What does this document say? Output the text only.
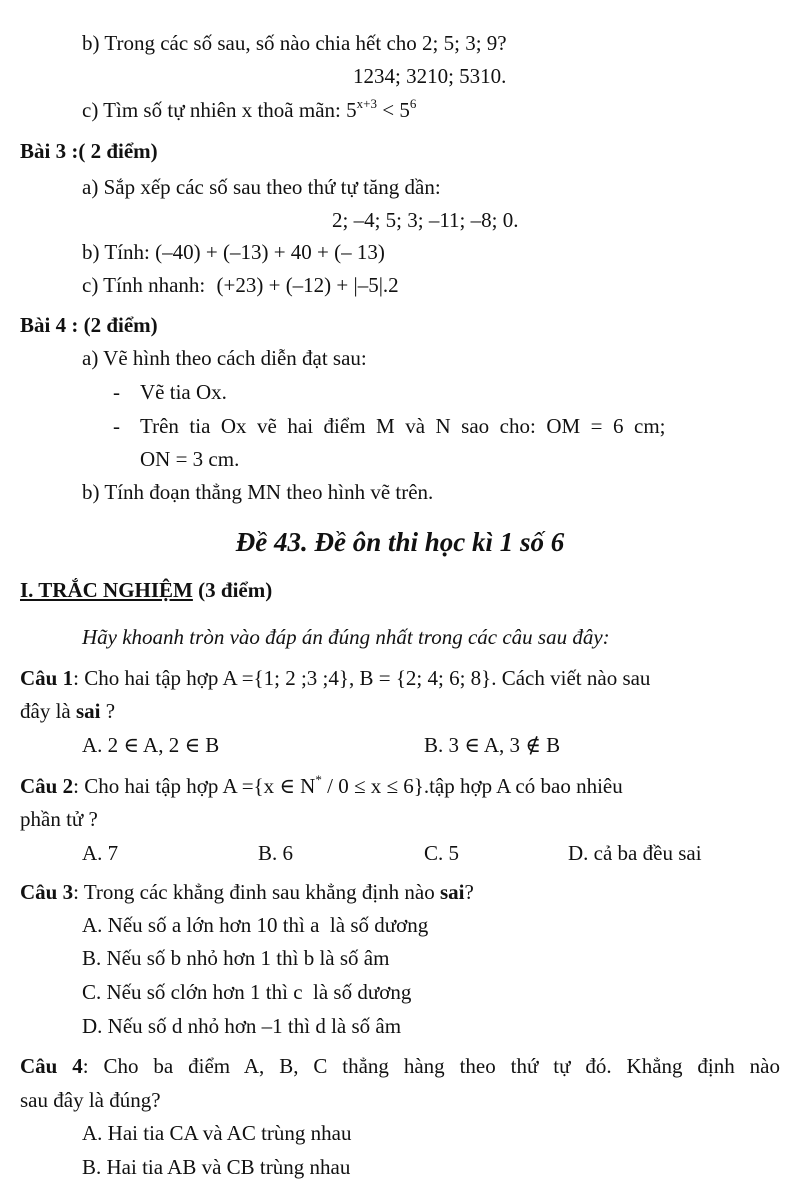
b) Trong các số sau, số nào chia hết cho 2; 5; 3; 9?
1234; 3210; 5310.
c) Tìm số tự nhiên x thoã mãn: $5^{x+3} < 5^6$
Bài 3 :( 2 điểm)
a) Sắp xếp các số sau theo thứ tự tăng dần:
2; –4; 5; 3; –11; –8; 0.
b) Tính: (–40) + (–13) + 40 + (– 13)
c) Tính nhanh: (+23) + (–12) + |–5|.2
Bài 4 : (2 điểm)
a) Vẽ hình theo cách diễn đạt sau:
- Vẽ tia Ox.
- Trên  tia  Ox  vẽ  hai  điểm  M  và  N  sao  cho:  OM  =  6  cm;
ON = 3 cm.
b) Tính đoạn thẳng MN theo hình vẽ trên.
Đề 43. Đề ôn thi học kì 1 số 6
I. TRẮC NGHIỆM (3 điểm)
Hãy khoanh tròn vào đáp án đúng nhất trong các câu sau đây:
Câu 1: Cho hai tập hợp A ={1; 2 ;3 ;4}, B = {2; 4; 6; 8}. Cách viết nào sau
đây là sai ?
A. 2 ∈ A, 2 ∈ B	B. 3 ∈ A, 3 ∉ B
Câu 2: Cho hai tập hợp A ={x ∈ N* / 0 ≤ x ≤ 6}.tập hợp A có bao nhiêu
phần tử ?
A. 7	B. 6	C. 5	D. cả ba đều sai
Câu 3: Trong các khẳng đinh sau khẳng định nào sai?
A. Nếu số a lớn hơn 10 thì a  là số dương
B. Nếu số b nhỏ hơn 1 thì b là số âm
C. Nếu số clớn hơn 1 thì c  là số dương
D. Nếu số d nhỏ hơn –1 thì d là số âm
Câu 4: Cho ba điểm A, B, C thẳng hàng theo thứ tự đó. Khẳng định nào
sau đây là đúng?
A. Hai tia CA và AC trùng nhau
B. Hai tia AB và CB trùng nhau
